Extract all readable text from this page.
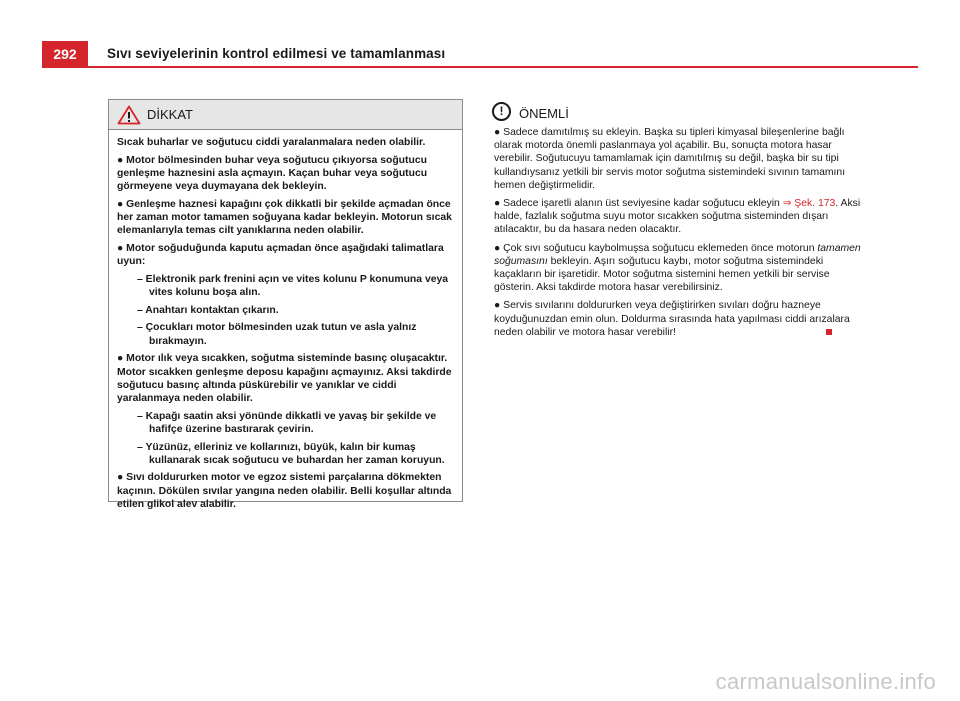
292	Sıvı seviyelerinin kontrol edilmesi ve tamamlanması
DİKKAT

Sıcak buharlar ve soğutucu ciddi yaralanmalara neden olabilir.

● Motor bölmesinden buhar veya soğutucu çıkıyorsa soğutucu genleşme haznesini asla açmayın. Kaçan buhar veya soğutucu görmeyene veya duymayana dek bekleyin.

● Genleşme haznesi kapağını çok dikkatli bir şekilde açmadan önce her zaman motor tamamen soğuyana kadar bekleyin. Motorun sıcak elemanlarıyla temas cilt yanıklarına neden olabilir.

● Motor soğuduğunda kaputu açmadan önce aşağıdaki talimatlara uyun:

– Elektronik park frenini açın ve vites kolunu P konumuna veya vites kolunu boşa alın.

– Anahtarı kontaktan çıkarın.

– Çocukları motor bölmesinden uzak tutun ve asla yalnız bırakmayın.

● Motor ılık veya sıcakken, soğutma sisteminde basınç oluşacaktır. Motor sıcakken genleşme deposu kapağını açmayınız. Aksi takdirde soğutucu basınç altında püskürebilir ve yanıklar ve ciddi yaralanmaya neden olabilir.

– Kapağı saatin aksi yönünde dikkatli ve yavaş bir şekilde ve hafifçe üzerine bastırarak çevirin.

– Yüzünüz, elleriniz ve kollarınızı, büyük, kalın bir kumaş kullanarak sıcak soğutucu ve buhardan her zaman koruyun.

● Sıvı doldururken motor ve egzoz sistemi parçalarına dökmekten kaçının. Dökülen sıvılar yangına neden olabilir. Belli koşullar altında etilen glikol alev alabilir.

!	ÖNEMLİ

● Sadece damıtılmış su ekleyin. Başka su tipleri kimyasal bileşenlerine bağlı olarak motorda önemli paslanmaya yol açabilir. Bu, sonuçta motora hasar verebilir. Soğutucuyu tamamlamak için damıtılmış su değil, başka bir su tipi kullandıysanız yetkili bir servis motor soğutma sistemindeki sıvının tamamını hemen değiştirmelidir.

● Sadece işaretli alanın üst seviyesine kadar soğutucu ekleyin ⇒ Şek. 173. Aksi halde, fazlalık soğutma suyu motor sıcakken soğutma sisteminden dışarı atılacaktır, bu da hasara neden olacaktır.

● Çok sıvı soğutucu kaybolmuşsa soğutucu eklemeden önce motorun tamamen soğumasını bekleyin. Aşırı soğutucu kaybı, motor soğutma sistemindeki kaçakların bir işaretidir. Motor soğutma sistemini hemen yetkili bir servise gösterin. Aksi takdirde motora hasar verebilirsiniz.

● Servis sıvılarını doldururken veya değiştirirken sıvıları doğru hazneye koyduğunuzdan emin olun. Doldurma sırasında hata yapılması ciddi arızalara neden olabilir ve motora hasar verebilir!

carmanualsonline.info
